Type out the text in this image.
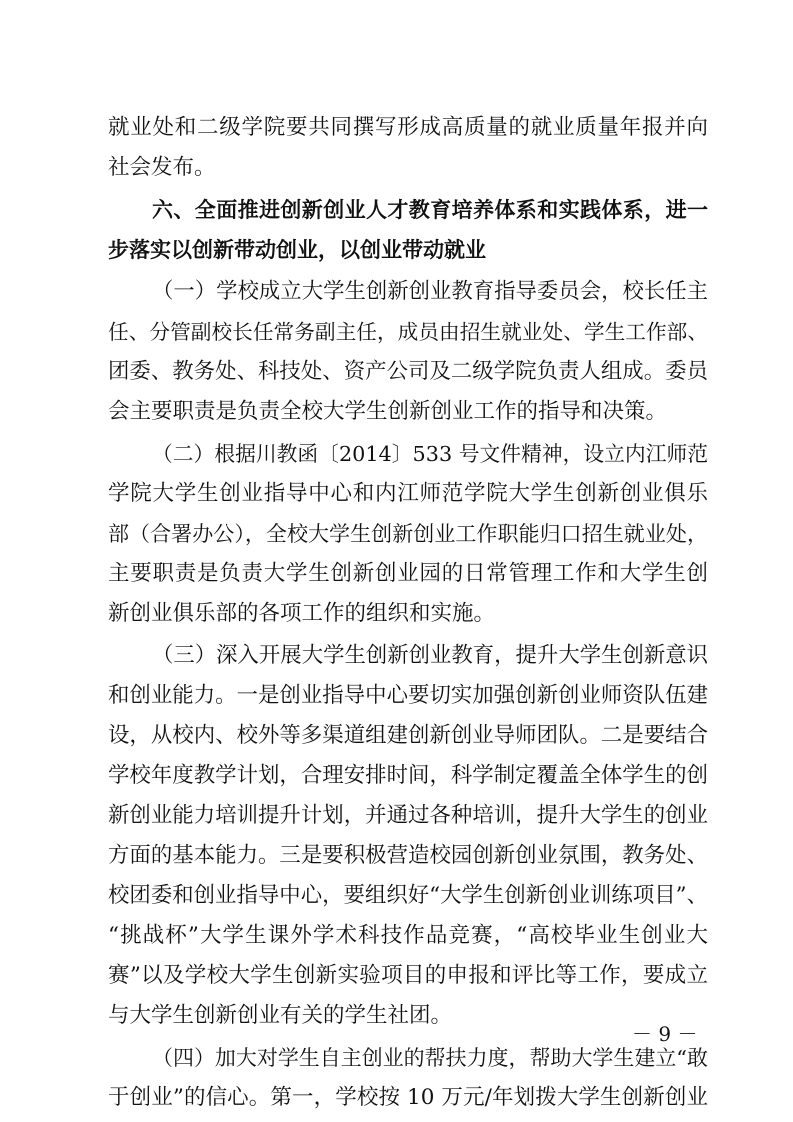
就业处和二级学院要共同撰写形成高质量的就业质量年报并向
社会发布。
六、全面推进创新创业人才教育培养体系和实践体系，进一
步落实以创新带动创业，以创业带动就业
（一）学校成立大学生创新创业教育指导委员会，校长任主
任、分管副校长任常务副主任，成员由招生就业处、学生工作部、
团委、教务处、科技处、资产公司及二级学院负责人组成。委员
会主要职责是负责全校大学生创新创业工作的指导和决策。
（二）根据川教函〔2014〕533 号文件精神，设立内江师范
学院大学生创业指导中心和内江师范学院大学生创新创业俱乐
部（合署办公），全校大学生创新创业工作职能归口招生就业处，
主要职责是负责大学生创新创业园的日常管理工作和大学生创
新创业俱乐部的各项工作的组织和实施。
（三）深入开展大学生创新创业教育，提升大学生创新意识
和创业能力。一是创业指导中心要切实加强创新创业师资队伍建
设，从校内、校外等多渠道组建创新创业导师团队。二是要结合
学校年度教学计划，合理安排时间，科学制定覆盖全体学生的创
新创业能力培训提升计划，并通过各种培训，提升大学生的创业
方面的基本能力。三是要积极营造校园创新创业氛围，教务处、
校团委和创业指导中心，要组织好“大学生创新创业训练项目”、
“挑战杯”大学生课外学术科技作品竞赛，“高校毕业生创业大
赛”以及学校大学生创新实验项目的申报和评比等工作，要成立
与大学生创新创业有关的学生社团。
（四）加大对学生自主创业的帮扶力度，帮助大学生建立“敢
于创业”的信心。第一，学校按 10 万元/年划拨大学生创新创业
－ 9 －
